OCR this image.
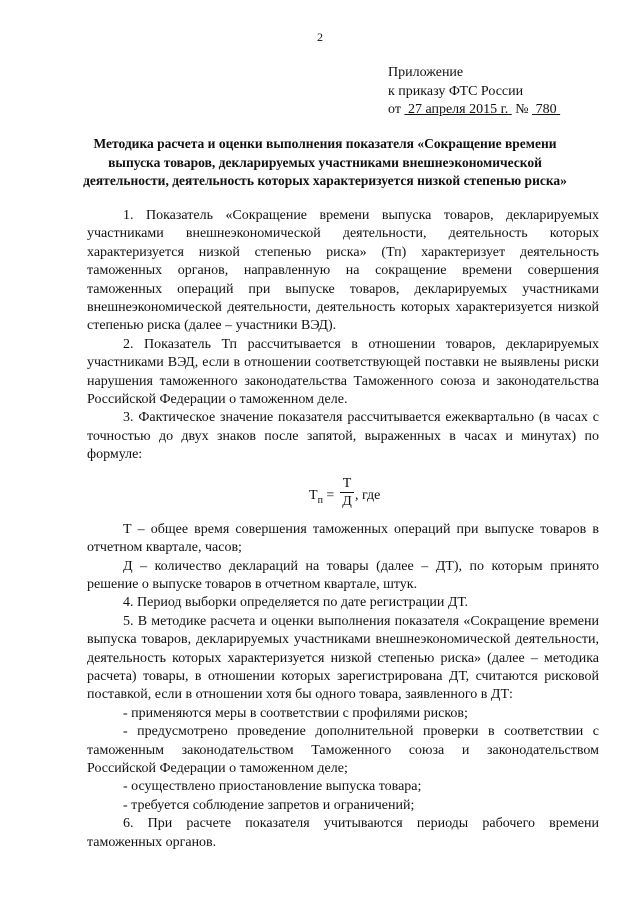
2
Приложение
к приказу ФТС России
от 27 апреля 2015 г. № 780
Методика расчета и оценки выполнения показателя «Сокращение времени выпуска товаров, декларируемых участниками внешнеэкономической деятельности, деятельность которых характеризуется низкой степенью риска»

1. Показатель «Сокращение времени выпуска товаров, декларируемых участниками внешнеэкономической деятельности, деятельность которых характеризуется низкой степенью риска» (Тп) характеризует деятельность таможенных органов, направленную на сокращение времени совершения таможенных операций при выпуске товаров, декларируемых участниками внешнеэкономической деятельности, деятельность которых характеризуется низкой степенью риска (далее – участники ВЭД).

2. Показатель Тп рассчитывается в отношении товаров, декларируемых участниками ВЭД, если в отношении соответствующей поставки не выявлены риски нарушения таможенного законодательства Таможенного союза и законодательства Российской Федерации о таможенном деле.

3. Фактическое значение показателя рассчитывается ежеквартально (в часах с точностью до двух знаков после запятой, выраженных в часах и минутах) по формуле:

$Т_п$ =
Т
Д , где

Т – общее время совершения таможенных операций при выпуске товаров в отчетном квартале, часов;

Д – количество деклараций на товары (далее – ДТ), по которым принято решение о выпуске товаров в отчетном квартале, штук.

4. Период выборки определяется по дате регистрации ДТ.

5. В методике расчета и оценки выполнения показателя «Сокращение времени выпуска товаров, декларируемых участниками внешнеэкономической деятельности, деятельность которых характеризуется низкой степенью риска» (далее – методика расчета) товары, в отношении которых зарегистрирована ДТ, считаются рисковой поставкой, если в отношении хотя бы одного товара, заявленного в ДТ:

- применяются меры в соответствии с профилями рисков;

- предусмотрено проведение дополнительной проверки в соответствии с таможенным законодательством Таможенного союза и законодательством Российской Федерации о таможенном деле;

- осуществлено приостановление выпуска товара;

- требуется соблюдение запретов и ограничений;

6. При расчете показателя учитываются периоды рабочего времени таможенных органов.
